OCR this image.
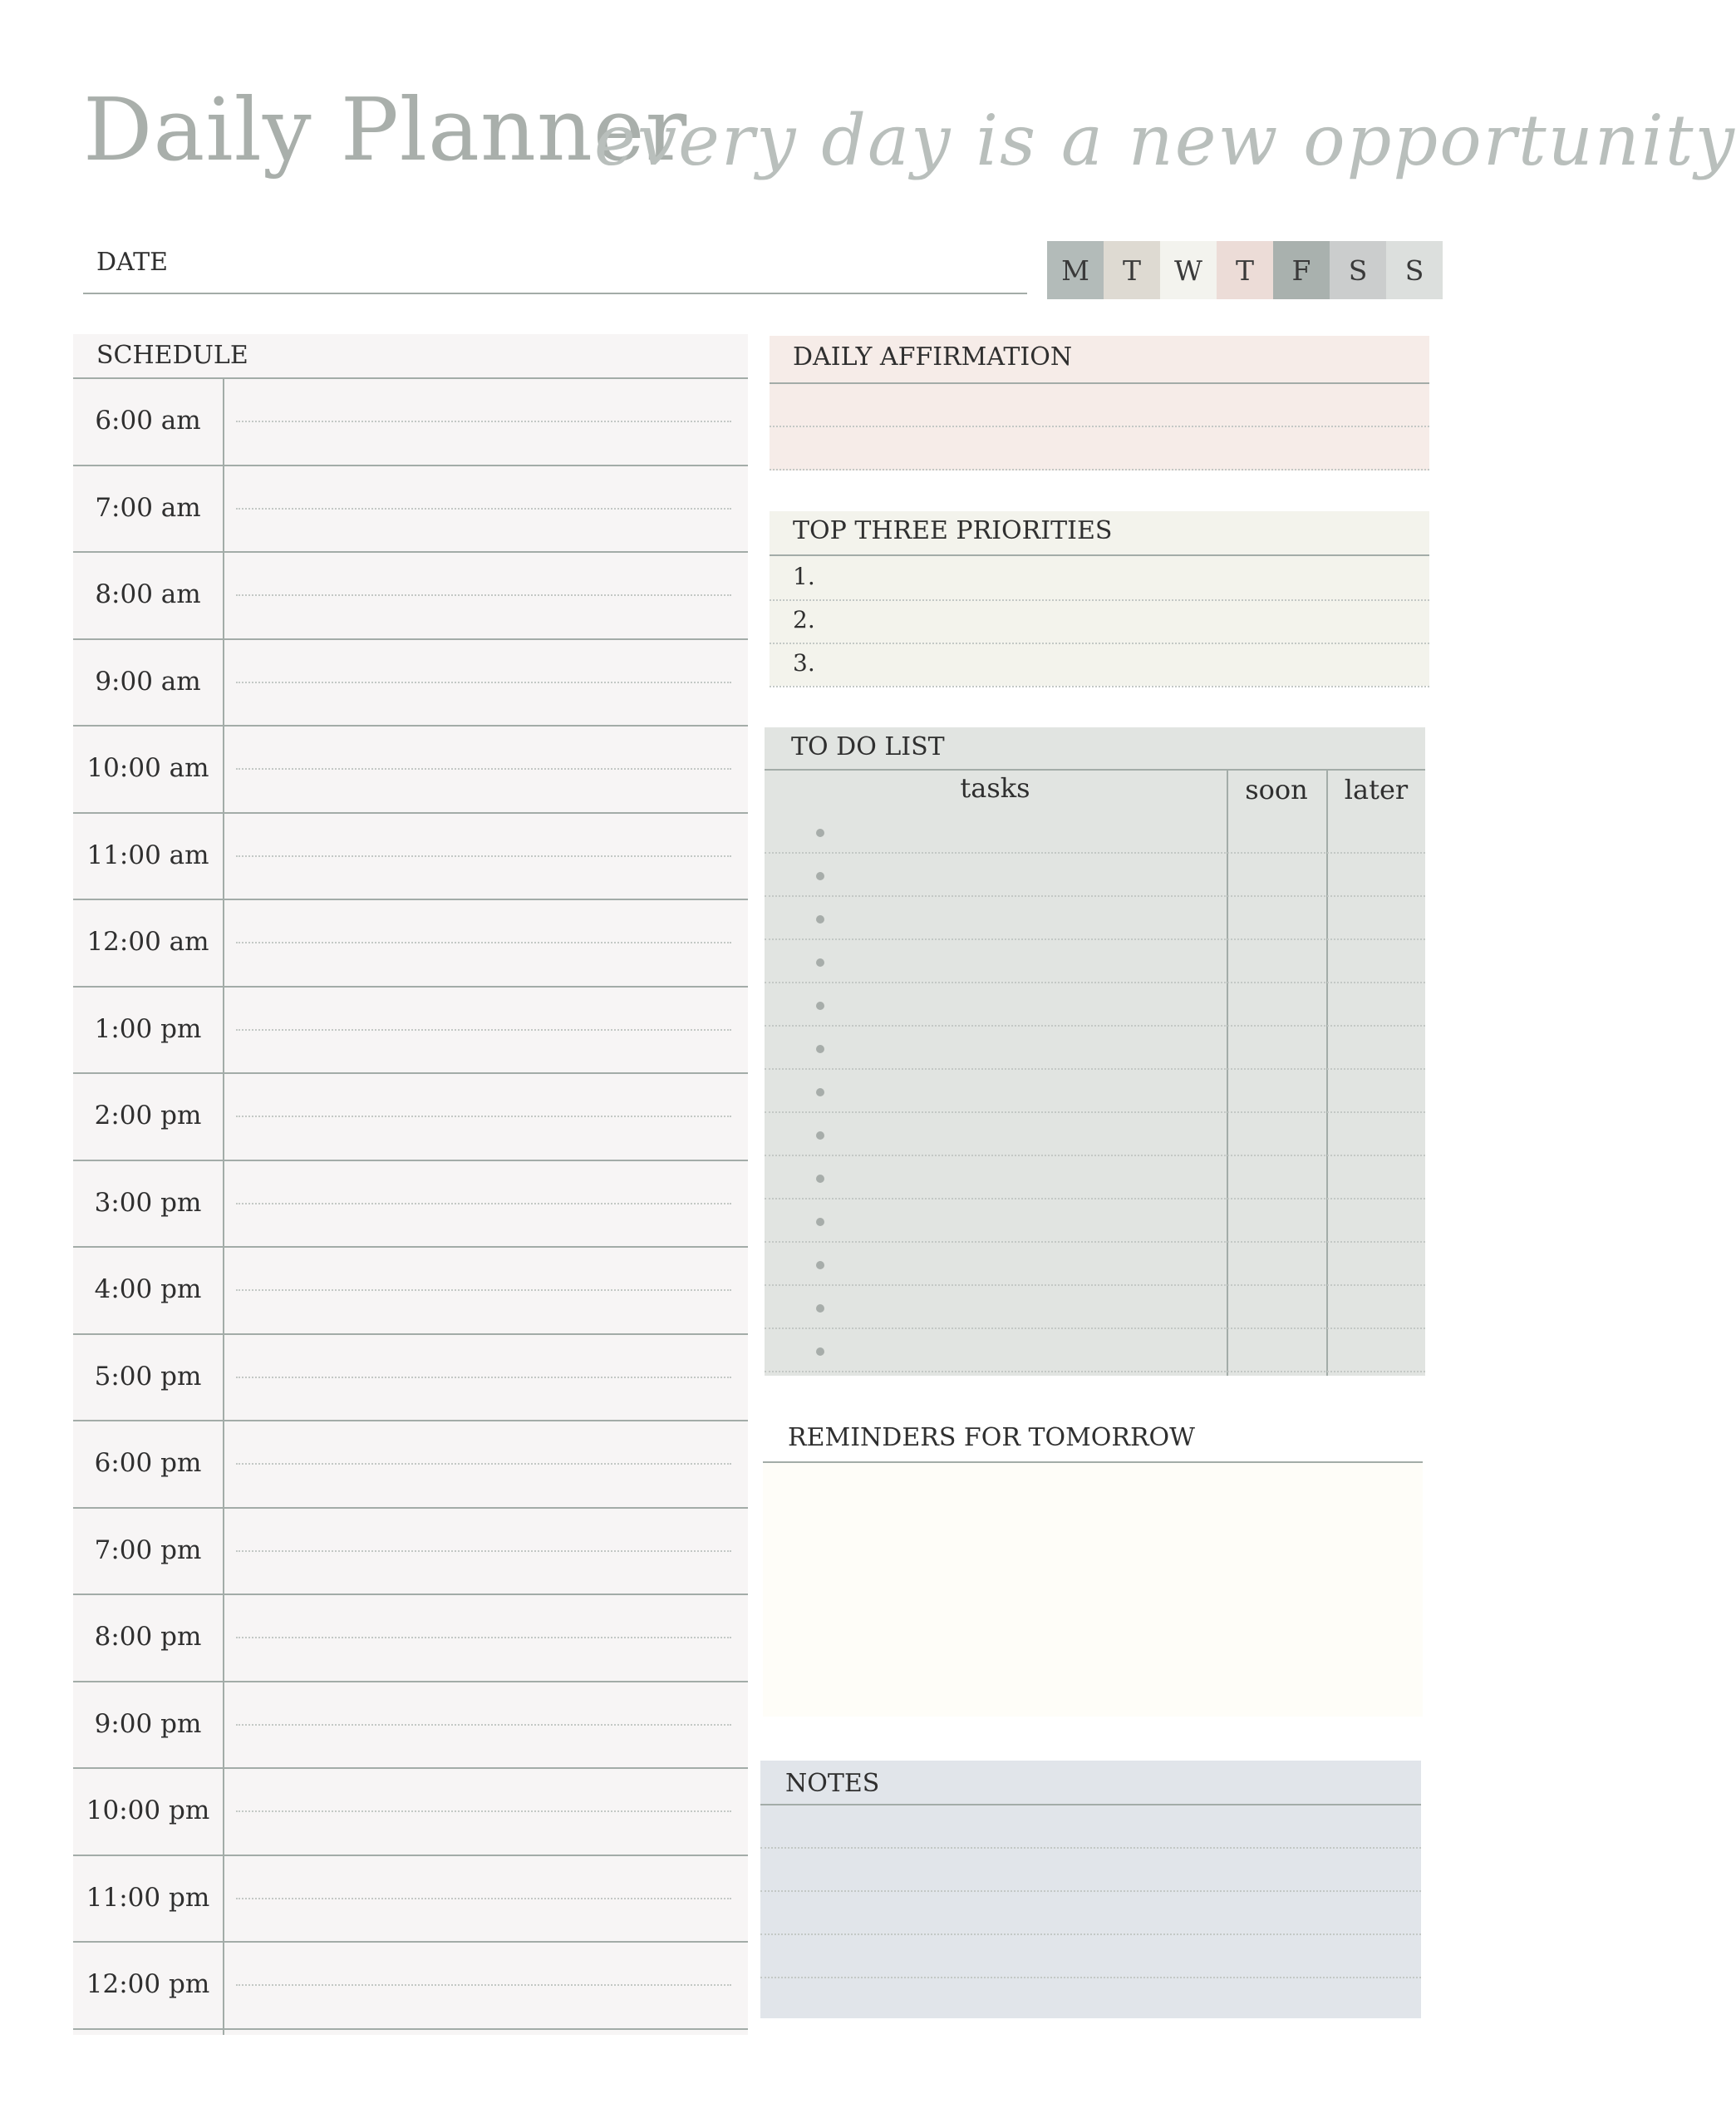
Daily Planner
every day is a new opportunity
DATE	M	T	W	T	F	S	S
SCHEDULE
6:00 am
7:00 am
8:00 am
9:00 am
10:00 am
11:00 am
12:00 am
1:00 pm
2:00 pm
3:00 pm
4:00 pm
5:00 pm
6:00 pm
7:00 pm
8:00 pm
9:00 pm
10:00 pm
11:00 pm
12:00 pm
DAILY AFFIRMATION
TOP THREE PRIORITIES
1.
2.
3.
TO DO LIST
tasks	soon	later
REMINDERS FOR TOMORROW
NOTES
